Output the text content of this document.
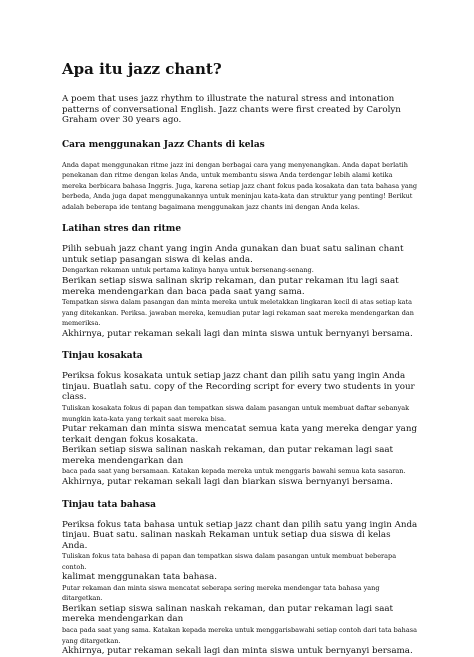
Apa itu jazz chant?

A poem that uses jazz rhythm to illustrate the natural stress and intonation patterns of conversational English. Jazz chants were first created by Carolyn Graham over 30 years ago.

Cara menggunakan Jazz Chants di kelas

Anda dapat menggunakan ritme jazz ini dengan berbagai cara yang menyenangkan. Anda dapat berlatih penekanan dan ritme dengan kelas Anda, untuk membantu siswa Anda terdengar lebih alami ketika mereka berbicara bahasa Inggris. Juga, karena setiap jazz chant fokus pada kosakata dan tata bahasa yang berbeda, Anda juga dapat menggunakannya untuk meninjau kata-kata dan struktur yang penting! Berikut adalah beberapa ide tentang bagaimana menggunakan jazz chants ini dengan Anda kelas.

Latihan stres dan ritme

Pilih sebuah jazz chant yang ingin Anda gunakan dan buat satu salinan chant untuk setiap pasangan siswa di kelas anda.

Dengarkan rekaman untuk pertama kalinya hanya untuk bersenang-senang.

Berikan setiap siswa salinan skrip rekaman, dan putar rekaman itu lagi saat mereka mendengarkan dan baca pada saat yang sama.

Tempatkan siswa dalam pasangan dan minta mereka untuk meletakkan lingkaran kecil di atas setiap kata yang ditekankan. Periksa. jawaban mereka, kemudian putar lagi rekaman saat mereka mendengarkan dan memeriksa.

Akhirnya, putar rekaman sekali lagi dan minta siswa untuk bernyanyi bersama.

Tinjau kosakata

Periksa fokus kosakata untuk setiap jazz chant dan pilih satu yang ingin Anda tinjau. Buatlah satu. copy of the Recording script for every two students in your class.

Tuliskan kosakata fokus di papan dan tempatkan siswa dalam pasangan untuk membuat daftar sebanyak mungkin kata-kata yang terkait saat mereka bisa.

Putar rekaman dan minta siswa mencatat semua kata yang mereka dengar yang terkait dengan fokus kosakata.

Berikan setiap siswa salinan naskah rekaman, dan putar rekaman lagi saat mereka mendengarkan dan

baca pada saat yang bersamaan. Katakan kepada mereka untuk menggaris bawahi semua kata sasaran.

Akhirnya, putar rekaman sekali lagi dan biarkan siswa bernyanyi bersama.

Tinjau tata bahasa

Periksa fokus tata bahasa untuk setiap jazz chant dan pilih satu yang ingin Anda tinjau. Buat satu. salinan naskah Rekaman untuk setiap dua siswa di kelas Anda.

Tuliskan fokus tata bahasa di papan dan tempatkan siswa dalam pasangan untuk membuat beberapa contoh.

kalimat menggunakan tata bahasa.

Putar rekaman dan minta siswa mencatat seberapa sering mereka mendengar tata bahasa yang ditargetkan.

Berikan setiap siswa salinan naskah rekaman, dan putar rekaman lagi saat mereka mendengarkan dan

baca pada saat yang sama. Katakan kepada mereka untuk menggarisbawahi setiap contoh dari tata bahasa yang ditargetkan.

Akhirnya, putar rekaman sekali lagi dan minta siswa untuk bernyanyi bersama.
